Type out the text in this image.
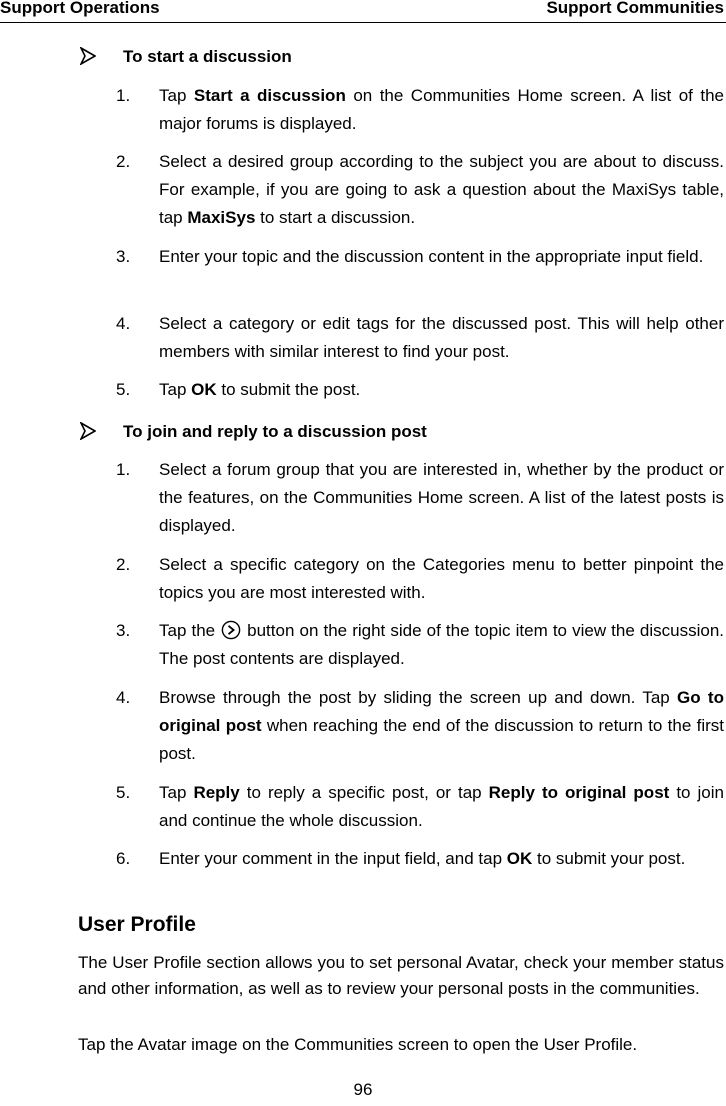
Support Operations	Support Communities
To start a discussion
1. Tap Start a discussion on the Communities Home screen. A list of the major forums is displayed.
2. Select a desired group according to the subject you are about to discuss. For example, if you are going to ask a question about the MaxiSys table, tap MaxiSys to start a discussion.
3. Enter your topic and the discussion content in the appropriate input field.
4. Select a category or edit tags for the discussed post. This will help other members with similar interest to find your post.
5. Tap OK to submit the post.
To join and reply to a discussion post
1. Select a forum group that you are interested in, whether by the product or the features, on the Communities Home screen. A list of the latest posts is displayed.
2. Select a specific category on the Categories menu to better pinpoint the topics you are most interested with.
3. Tap the button on the right side of the topic item to view the discussion. The post contents are displayed.
4. Browse through the post by sliding the screen up and down. Tap Go to original post when reaching the end of the discussion to return to the first post.
5. Tap Reply to reply a specific post, or tap Reply to original post to join and continue the whole discussion.
6. Enter your comment in the input field, and tap OK to submit your post.
User Profile
The User Profile section allows you to set personal Avatar, check your member status and other information, as well as to review your personal posts in the communities.
Tap the Avatar image on the Communities screen to open the User Profile.
96
